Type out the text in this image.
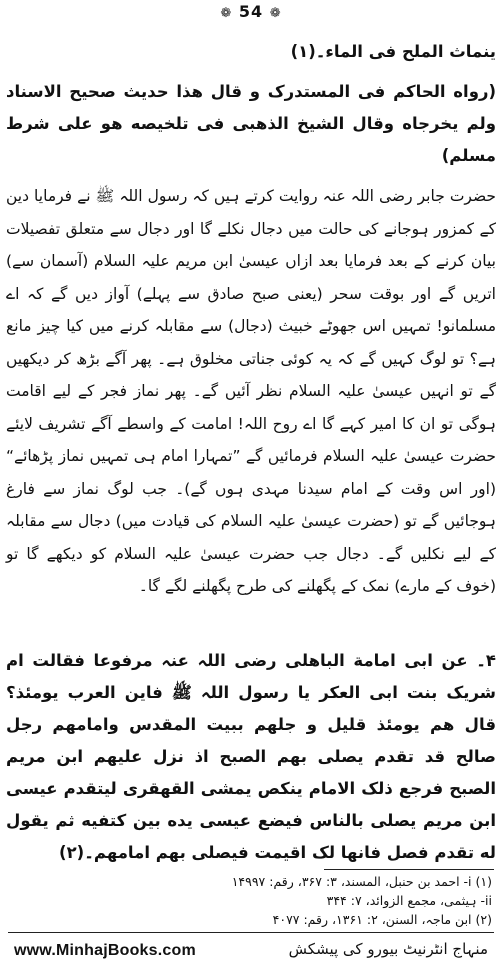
❁ 54 ❁

ینماث الملح فی الماء۔(۱)

(رواه الحاكم فی المستدرک و قال هذا حدیث صحیح الاسناد ولم یخرجاه وقال الشیخ الذهبی فی تلخیصه هو علی شرط مسلم)

حضرت جابر رضی اللہ عنہ روایت کرتے ہیں کہ رسول اللہ ﷺ نے فرمایا دین کے کمزور ہوجانے کی حالت میں دجال نکلے گا اور دجال سے متعلق تفصیلات بیان کرنے کے بعد فرمایا بعد ازاں عیسیٰ ابن مریم علیہ السلام (آسمان سے) اتریں گے اور بوقت سحر (یعنی صبح صادق سے پہلے) آواز دیں گے کہ اے مسلمانو! تمہیں اس جھوٹے خبیث (دجال) سے مقابلہ کرنے میں کیا چیز مانع ہے؟ تو لوگ کہیں گے کہ یہ کوئی جناتی مخلوق ہے۔ پھر آگے بڑھ کر دیکھیں گے تو انہیں عیسیٰ علیہ السلام نظر آئیں گے۔ پھر نماز فجر کے لیے اقامت ہوگی تو ان کا امیر کہے گا اے روح اللہ! امامت کے واسطے آگے تشریف لایئے حضرت عیسیٰ علیہ السلام فرمائیں گے ”تمہارا امام ہی تمہیں نماز پڑھائے“ (اور اس وقت کے امام سیدنا مہدی ہوں گے)۔ جب لوگ نماز سے فارغ ہوجائیں گے تو (حضرت عیسیٰ علیہ السلام کی قیادت میں) دجال سے مقابلہ کے لیے نکلیں گے۔ دجال جب حضرت عیسیٰ علیہ السلام کو دیکھے گا تو (خوف کے مارے) نمک کے پگھلنے کی طرح پگھلنے لگے گا۔

۴۔ عن ابی امامة الباهلی رضی اللہ عنہ مرفوعا فقالت ام شریک بنت ابی العكر یا رسول اللہ ﷺ فاین العرب یومئذ؟ قال هم یومئذ قلیل و جلهم ببیت المقدس وامامهم رجل صالح قد تقدم یصلی بهم الصبح اذ نزل علیهم ابن مریم الصبح فرجع ذلک الامام ینكص یمشی القهقری لیتقدم عیسی ابن مریم یصلی بالناس فیضع عیسی یده بین كتفیه ثم یقول له تقدم فصل فانها لک اقیمت فیصلی بهم امامهم۔(۲)

(۱) i- احمد بن حنبل، المسند، ۳: ۳۶۷، رقم: ۱۴۹۹۷

ii- ہیثمی، مجمع الزوائد، ۷: ۳۴۴

(۲) ابن ماجہ، السنن، ۲: ۱۳۶۱، رقم: ۴۰۷۷

www.MinhajBooks.com	منہاج انٹرنیٹ بیورو کی پیشکش
